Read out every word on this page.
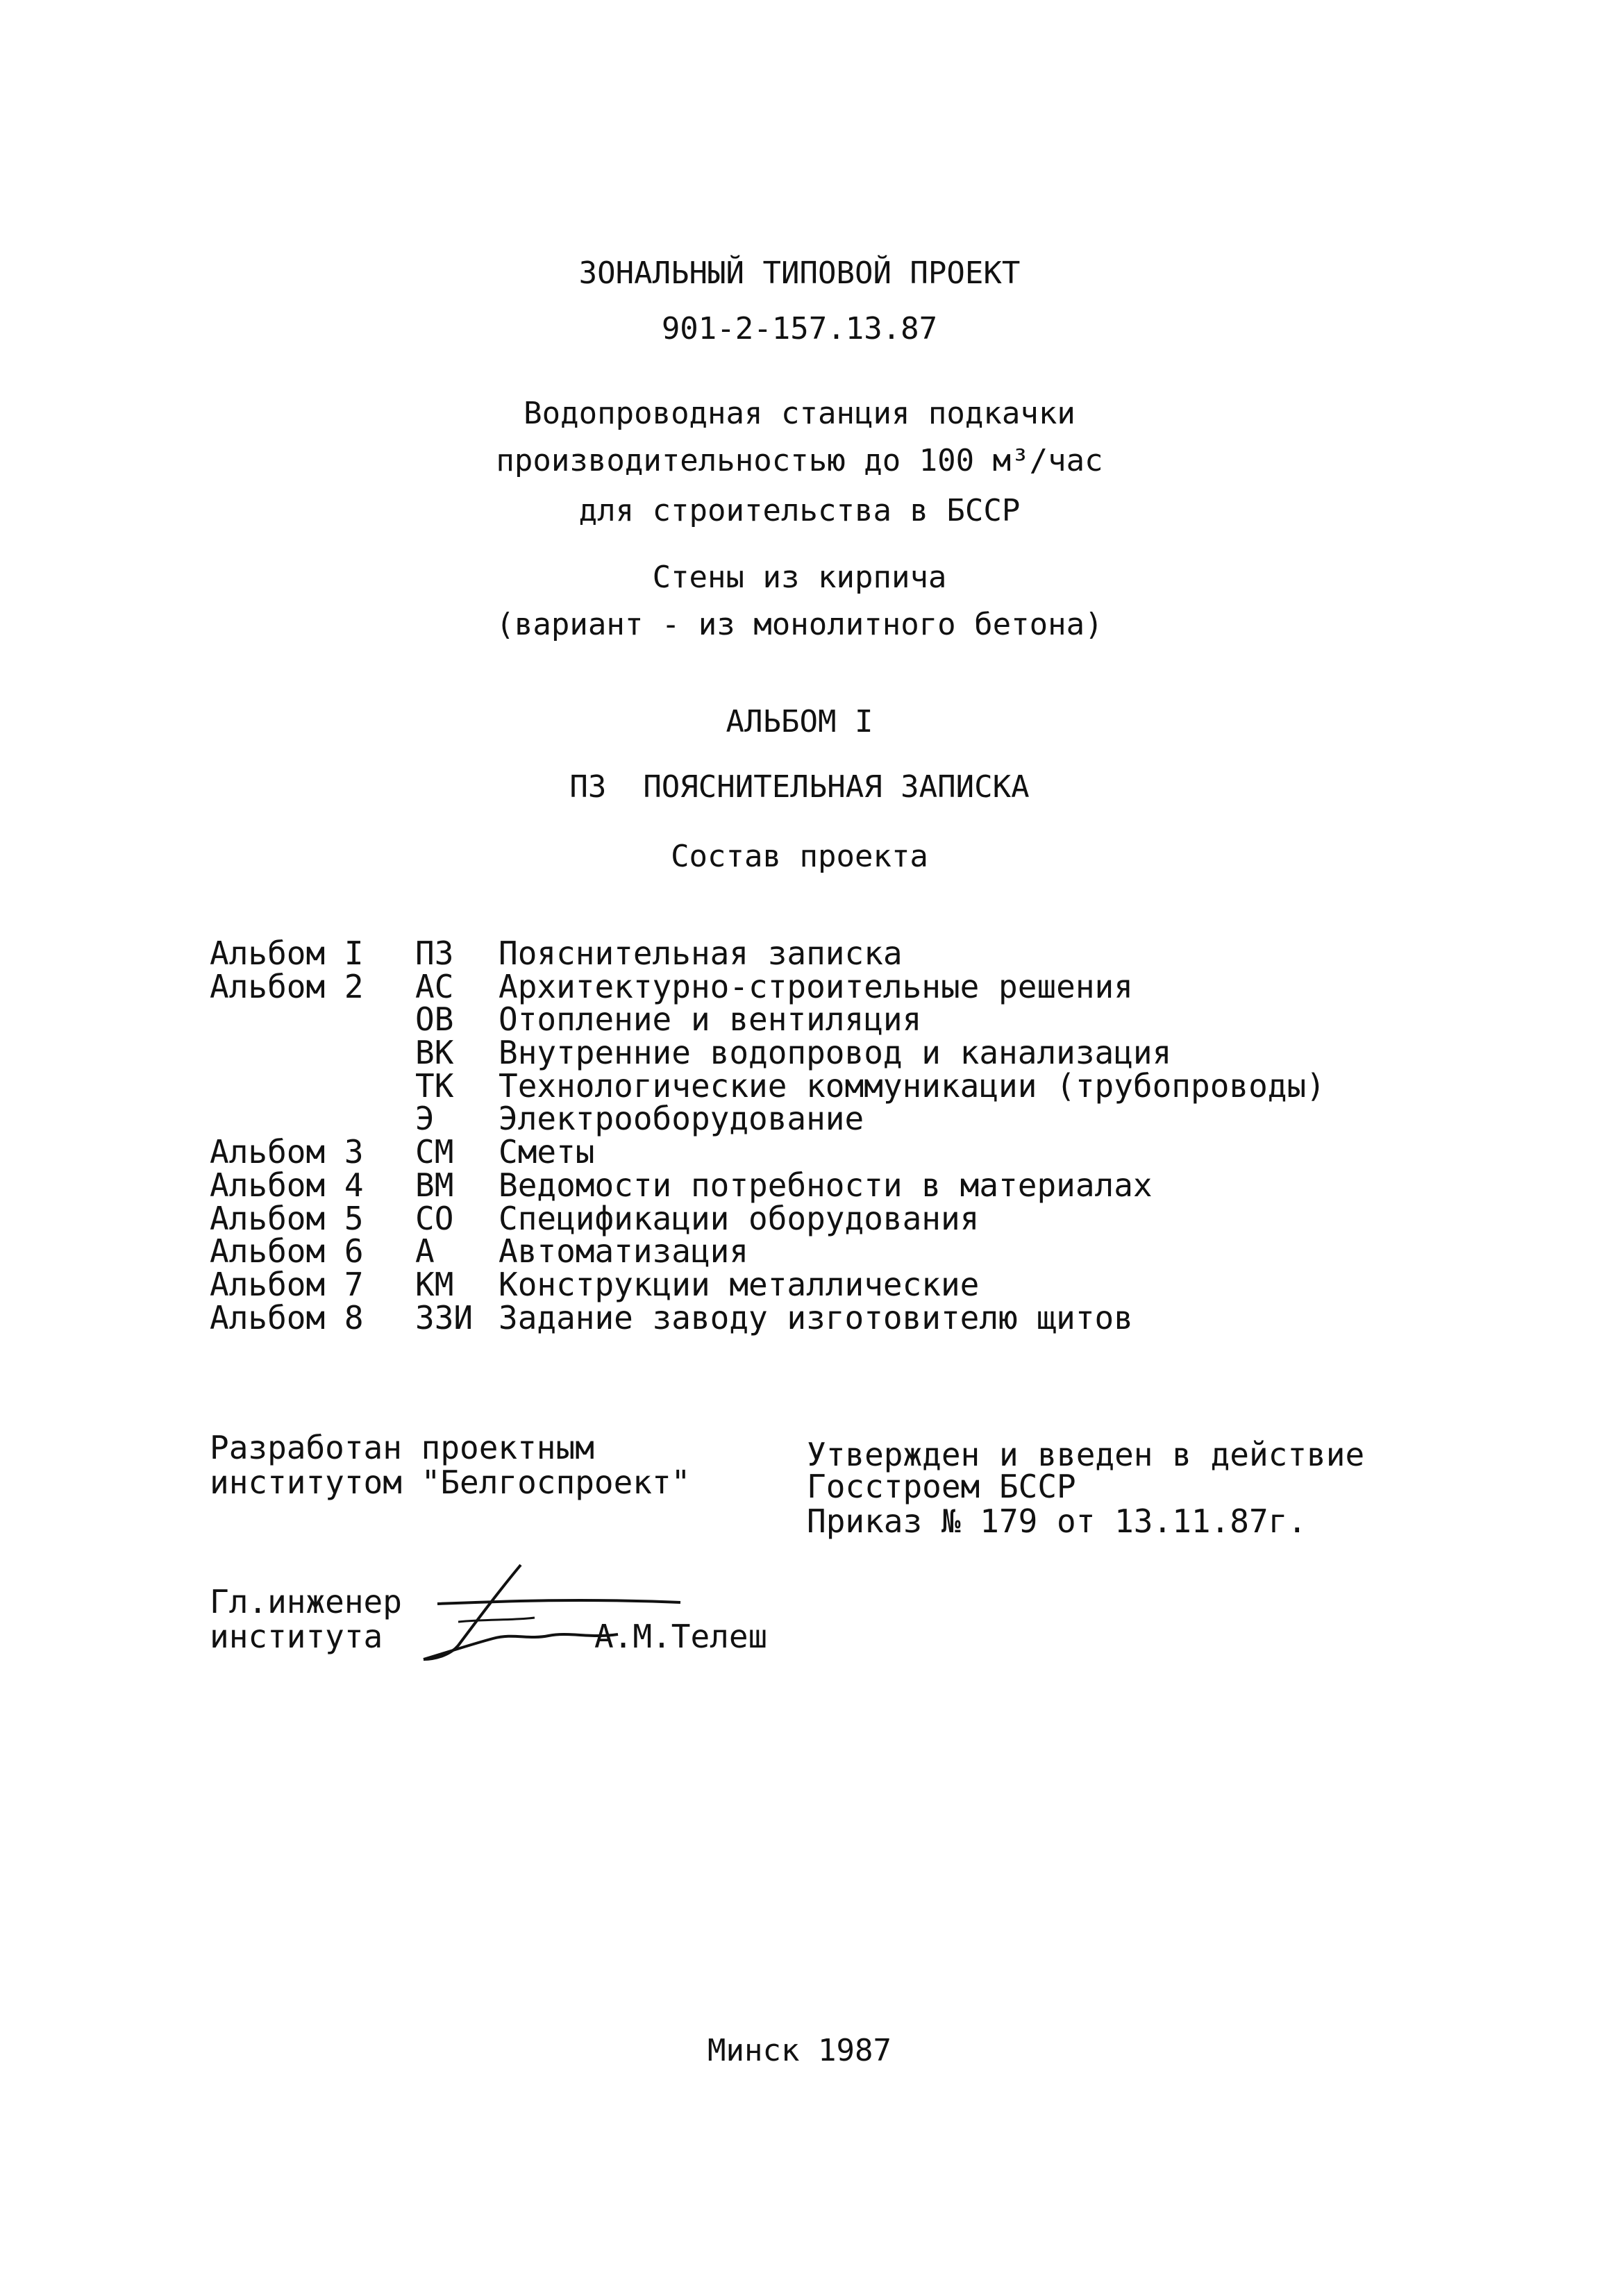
ЗОНАЛЬНЫЙ ТИПОВОЙ ПРОЕКТ
901-2-157.13.87
Водопроводная станция подкачки
производительностью до 100 м³/час
для строительства в БССР
Стены из кирпича
(вариант - из монолитного бетона)
АЛЬБОМ I
ПЗ  ПОЯСНИТЕЛЬНАЯ ЗАПИСКА
Состав проекта

Альбом I

ПЗ

Пояснительная записка

Альбом 2

АС

Архитектурно-строительные решения

ОВ

Отопление и вентиляция

ВК

Внутренние водопровод и канализация

ТК

Технологические коммуникации (трубопроводы)

Э

Электрооборудование

Альбом 3

СМ

Сметы

Альбом 4

ВМ

Ведомости потребности в материалах

Альбом 5

СО

Спецификации оборудования

Альбом 6

А

Автоматизация

Альбом 7

КМ

Конструкции металлические

Альбом 8

ЗЗИ

Задание заводу изготовителю щитов

Разработан проектным
институтом "Белгоспроект"
Утвержден и введен в действие
Госстроем БССР
Приказ № 179 от 13.11.87г.
Гл.инженер
института	А.М.Телеш
Минск 1987
